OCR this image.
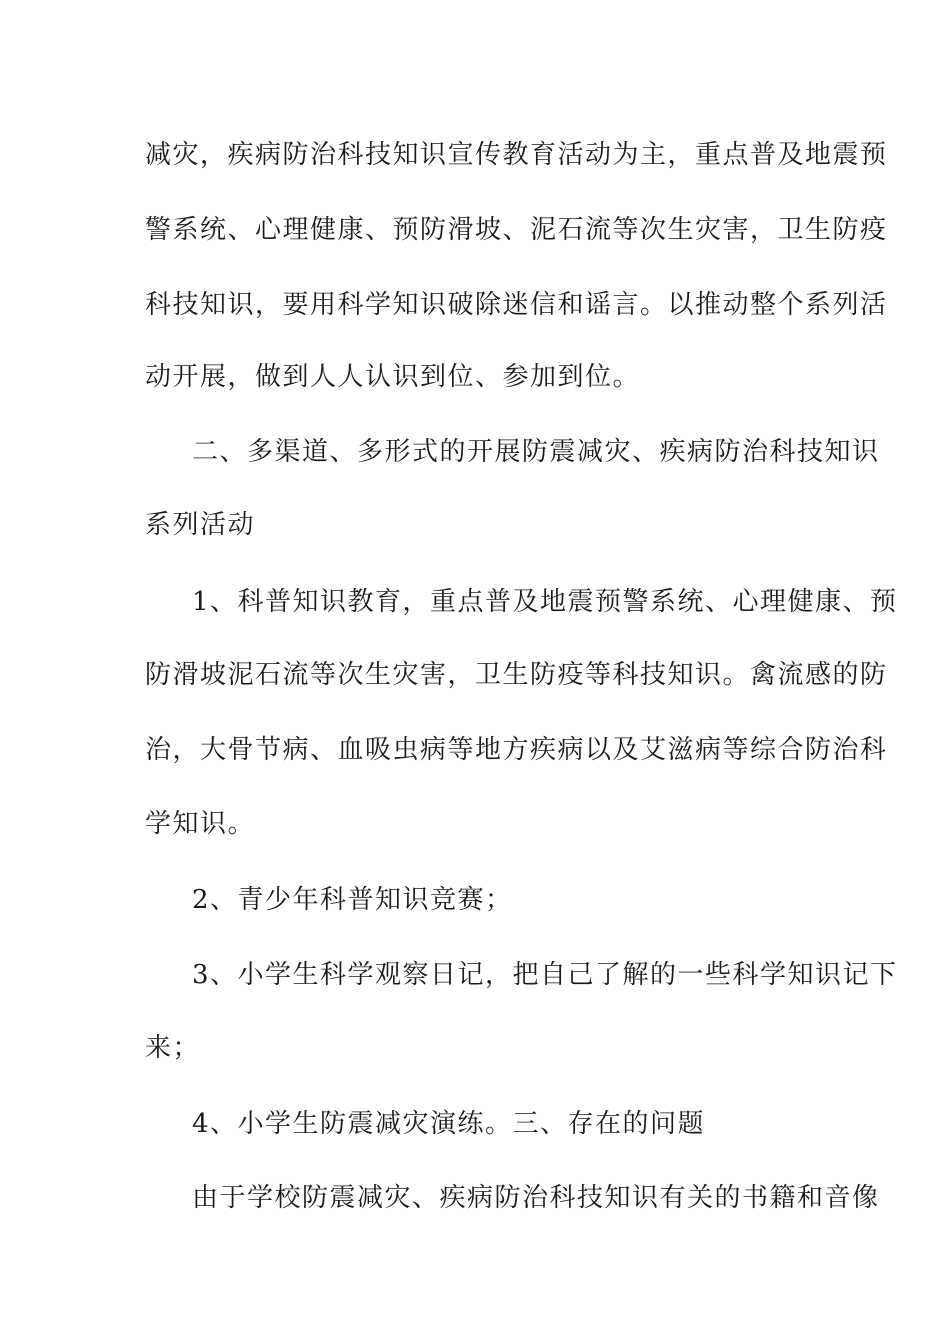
减灾，疾病防治科技知识宣传教育活动为主，重点普及地震预
警系统、心理健康、预防滑坡、泥石流等次生灾害，卫生防疫
科技知识，要用科学知识破除迷信和谣言。以推动整个系列活
动开展，做到人人认识到位、参加到位。
二、多渠道、多形式的开展防震减灾、疾病防治科技知识
系列活动
1、科普知识教育，重点普及地震预警系统、心理健康、预
防滑坡泥石流等次生灾害，卫生防疫等科技知识。禽流感的防
治，大骨节病、血吸虫病等地方疾病以及艾滋病等综合防治科
学知识。
2、青少年科普知识竞赛；
3、小学生科学观察日记，把自己了解的一些科学知识记下
来；
4、小学生防震减灾演练。三、存在的问题
由于学校防震减灾、疾病防治科技知识有关的书籍和音像
